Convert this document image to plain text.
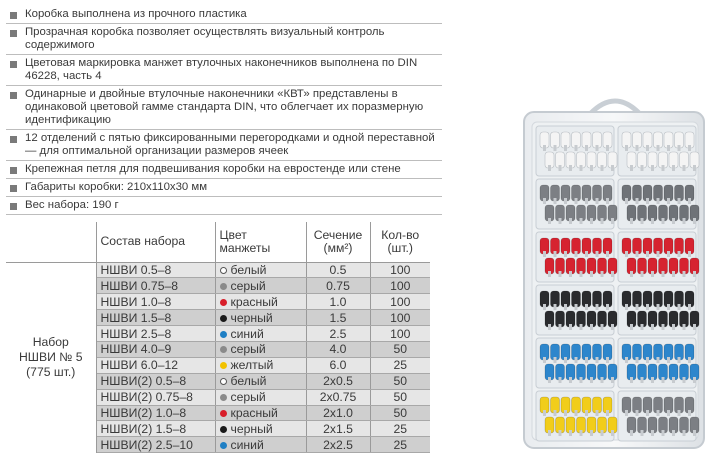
Коробка выполнена из прочного пластика
Прозрачная коробка позволяет осуществлять визуальный контроль содержимого
Цветовая маркировка манжет втулочных наконечников выполнена по DIN 46228, часть 4
Одинарные и двойные втулочные наконечники «КВТ» представлены в одинаковой цветовой гамме стандарта DIN, что облегчает их поразмерную идентификацию
12 отделений с пятью фиксированными перегородками и одной переставной — для оптимальной организации размеров ячеек
Крепежная петля для подвешивания коробки на евростенде или стене
Габариты коробки: 210х110х30 мм
Вес набора: 190 г
	Состав набора	Цвет манжеты	Сечение (мм²)	Кол-во (шт.)
Набор НШВИ № 5 (775 шт.)	НШВИ 0.5–8	белый	0.5	100
	НШВИ 0.75–8	серый	0.75	100
	НШВИ 1.0–8	красный	1.0	100
	НШВИ 1.5–8	черный	1.5	100
	НШВИ 2.5–8	синий	2.5	100
	НШВИ 4.0–9	серый	4.0	50
	НШВИ 6.0–12	желтый	6.0	25
	НШВИ(2) 0.5–8	белый	2х0.5	50
	НШВИ(2) 0.75–8	серый	2х0.75	50
	НШВИ(2) 1.0–8	красный	2х1.0	50
	НШВИ(2) 1.5–8	черный	2х1.5	25
	НШВИ(2) 2.5–10	синий	2х2.5	25
